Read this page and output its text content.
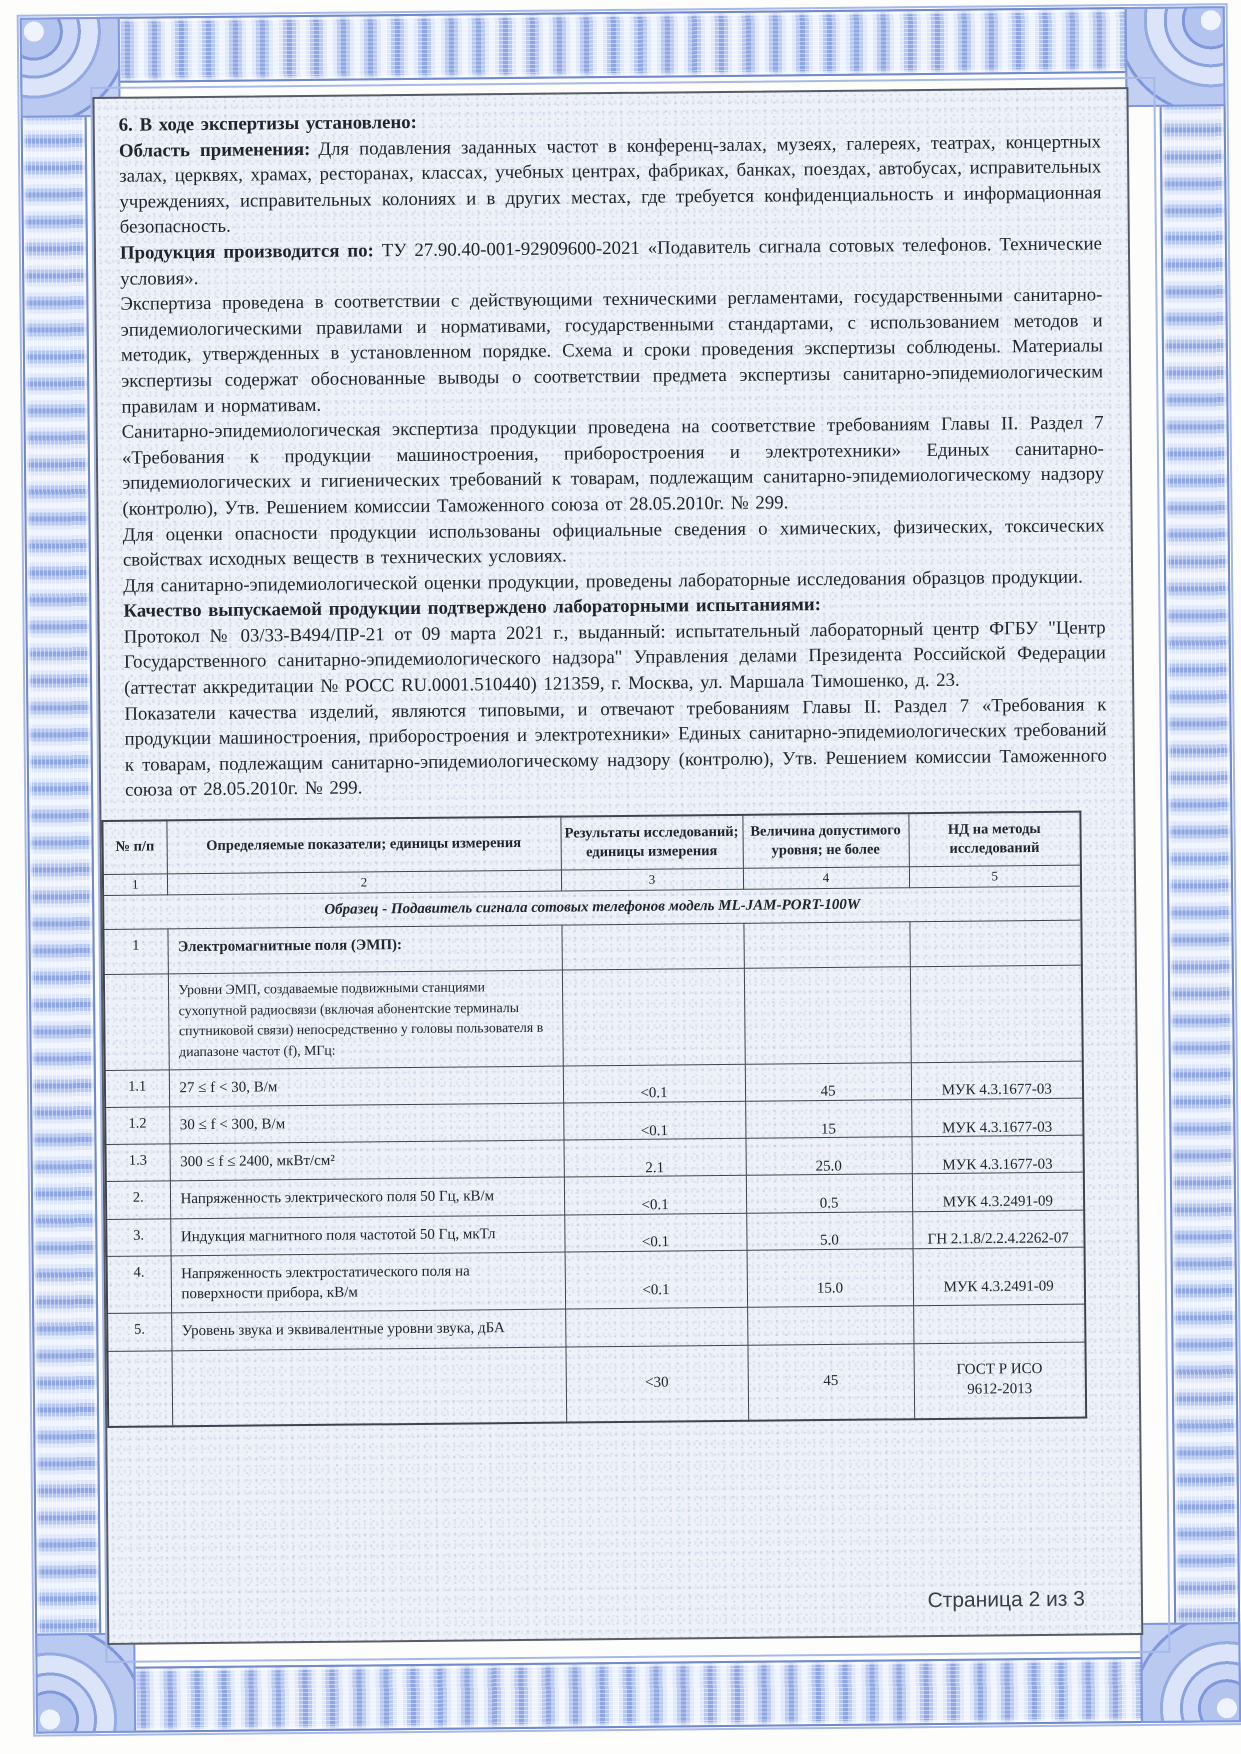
6. В ходе экспертизы установлено:

Область применения: Для подавления заданных частот в конференц-залах, музеях, галереях, театрах, концертных залах, церквях, храмах, ресторанах, классах, учебных центрах, фабриках, банках, поездах, автобусах, исправительных учреждениях, исправительных колониях и в других местах, где требуется конфиденциальность и информационная безопасность.

Продукция производится по: ТУ 27.90.40-001-92909600-2021 «Подавитель сигнала сотовых телефонов. Технические условия».

Экспертиза проведена в соответствии с действующими техническими регламентами, государственными санитарно-эпидемиологическими правилами и нормативами, государственными стандартами, с использованием методов и методик, утвержденных в установленном порядке. Схема и сроки проведения экспертизы соблюдены. Материалы экспертизы содержат обоснованные выводы о соответствии предмета экспертизы санитарно-эпидемиологическим правилам и нормативам.

Санитарно-эпидемиологическая экспертиза продукции проведена на соответствие требованиям Главы II. Раздел 7 «Требования к продукции машиностроения, приборостроения и электротехники» Единых санитарно-эпидемиологических и гигиенических требований к товарам, подлежащим санитарно-эпидемиологическому надзору (контролю), Утв. Решением комиссии Таможенного союза от 28.05.2010г. № 299.

Для оценки опасности продукции использованы официальные сведения о химических, физических, токсических свойствах исходных веществ в технических условиях.

Для санитарно-эпидемиологической оценки продукции, проведены лабораторные исследования образцов продукции.

Качество выпускаемой продукции подтверждено лабораторными испытаниями:

Протокол № 03/33-В494/ПР-21 от 09 марта 2021 г., выданный: испытательный лабораторный центр ФГБУ "Центр Государственного санитарно-эпидемиологического надзора" Управления делами Президента Российской Федерации (аттестат аккредитации № РОСС RU.0001.510440) 121359, г. Москва, ул. Маршала Тимошенко, д. 23.

Показатели качества изделий, являются типовыми, и отвечают требованиям Главы II. Раздел 7 «Требования к продукции машиностроения, приборостроения и электротехники» Единых санитарно-эпидемиологических требований к товарам, подлежащим санитарно-эпидемиологическому надзору (контролю), Утв. Решением комиссии Таможенного союза от 28.05.2010г. № 299.

№ п/п	Определяемые показатели; единицы измерения	Результаты исследований; единицы измерения	Величина допустимого уровня; не более	НД на методы исследований
1	2	3	4	5
Образец - Подавитель сигнала сотовых телефонов модель ML-JAM-PORT-100W				
1	Электромагнитные поля (ЭМП):			
	Уровни ЭМП, создаваемые подвижными станциями сухопутной радиосвязи (включая абонентские терминалы спутниковой связи) непосредственно у головы пользователя в диапазоне частот (f), МГц:			
1.1	27 ≤ f < 30, В/м	<0.1	45	МУК 4.3.1677-03
1.2	30 ≤ f < 300, В/м	<0.1	15	МУК 4.3.1677-03
1.3	300 ≤ f ≤ 2400, мкВт/см²	2.1	25.0	МУК 4.3.1677-03
2.	Напряженность электрического поля 50 Гц, кВ/м	<0.1	0.5	МУК 4.3.2491-09
3.	Индукция магнитного поля частотой 50 Гц, мкТл	<0.1	5.0	ГН 2.1.8/2.2.4.2262-07
4.	Напряженность электростатического поля на поверхности прибора, кВ/м	<0.1	15.0	МУК 4.3.2491-09
5.	Уровень звука и эквивалентные уровни звука, дБА			
		<30	45	ГОСТ Р ИСО 9612-2013
Страница 2 из 3
